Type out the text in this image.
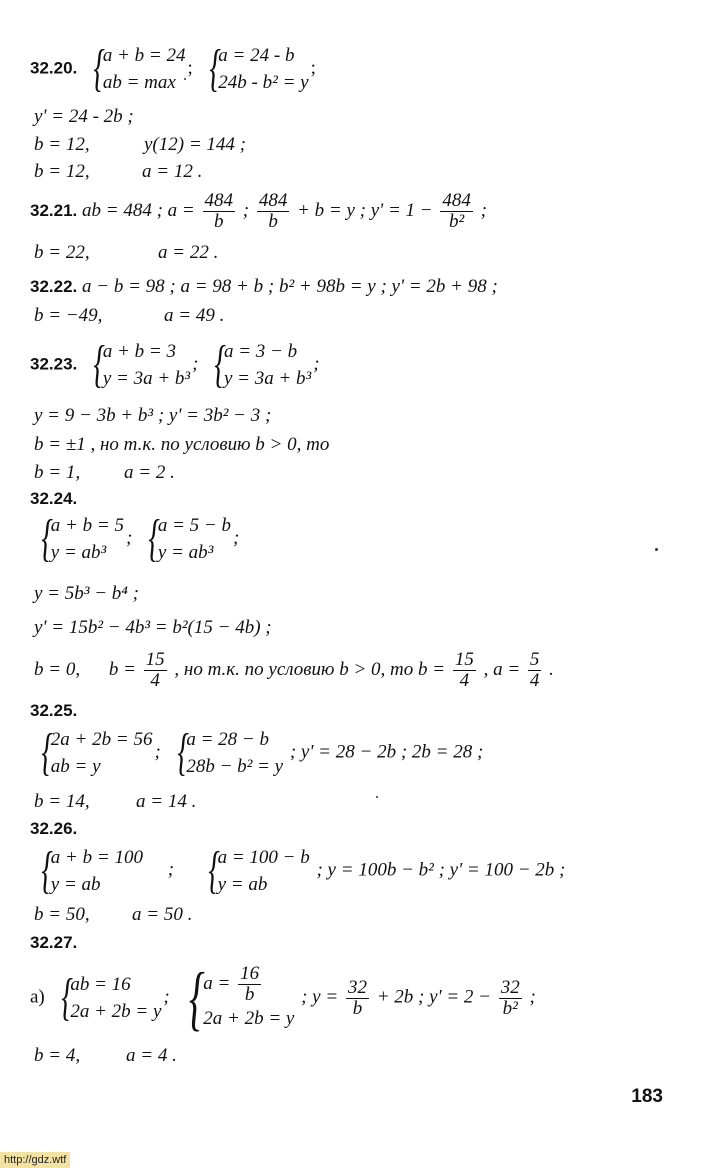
32.20. {
a + b = 24
ab = max
; {
a = 24 - b
24b - b² = y
;
y' = 24 - 2b ;
b = 12,	y(12) = 144 ;
b = 12,	a = 12 .
32.21. ab = 484 ; $a = \frac{484}{b}$ ; $\frac{484}{b} + b = y$ ; $y' = 1 - \frac{484}{\text{b²}}$ ;
b = 22,	a = 22 .
32.22. a − b = 98 ; a = 98 + b ; b² + 98b = y ; y' = 2b + 98 ;
b = −49,	a = 49 .
32.23. {
a + b = 3
y = 3a + b³
; {
a = 3 − b
y = 3a + b³
;
y = 9 − 3b + b³ ; y' = 3b² − 3 ;
b = ±1 , но т.к. по условию b > 0, то
b = 1, a = 2 .
32.24.
{
a + b = 5
y = ab³
; {
a = 5 − b
y = ab³
;
y = 5b³ − b⁴ ;
y' = 15b² − 4b³ = b²(15 − 4b) ;
b = 0, $b = \frac{15}{4}$ , но т.к. по условию b > 0, то $b = \frac{15}{4}$ , $a = \frac{5}{4}$ .
32.25.
{
2a + 2b = 56
ab = y
; {
a = 28 − b
28b − b² = y
; y' = 28 − 2b ; 2b = 28 ;
b = 14, a = 14 .
32.26.
{
a + b = 100
y = ab
; {
a = 100 − b
y = ab
; y = 100b − b² ; y' = 100 − 2b ;
b = 50, a = 50 .
32.27.
а) {
ab = 16
2a + 2b = y
; {
$a = \frac{16}{b}$
2a + 2b = y
; $y = \frac{32}{b} + 2b$ ; $y' = 2 - \frac{32}{\text{b²}}$ ;
b = 4, a = 4 .
183
http://gdz.wtf
